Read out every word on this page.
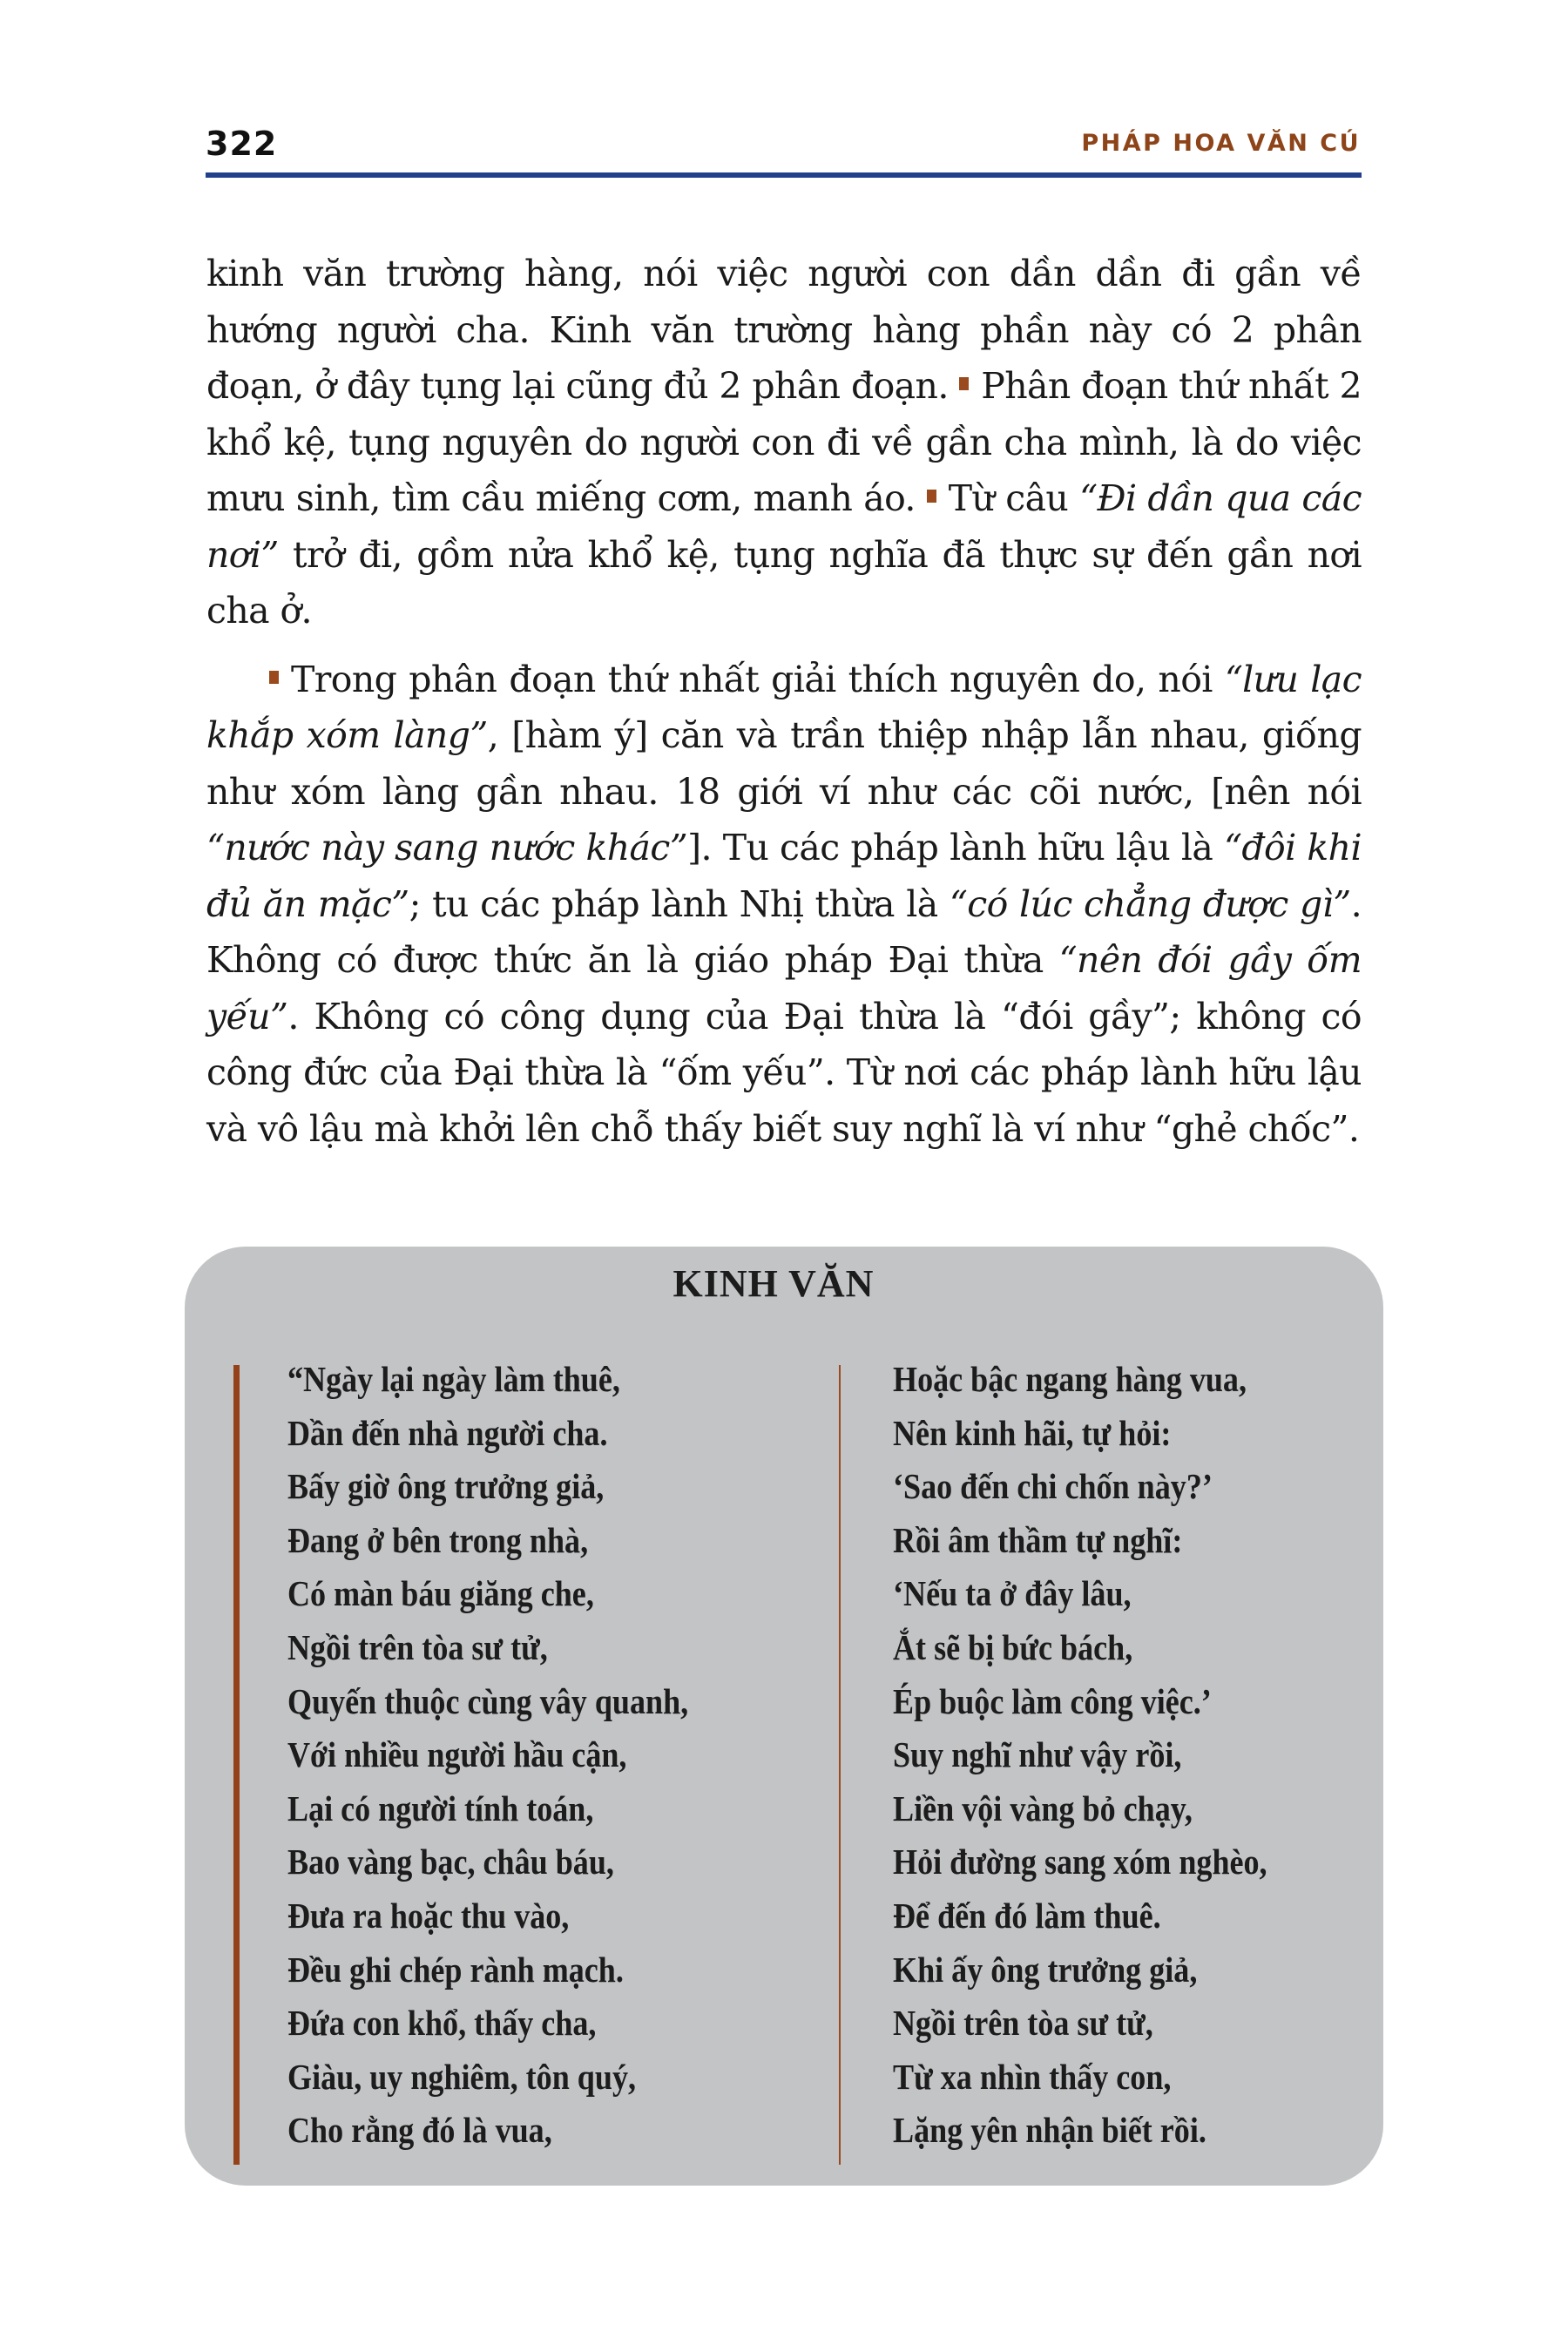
322	PHÁP HOA VĂN CÚ

kinh văn trường hàng, nói việc người con dần dần đi gần về hướng người cha. Kinh văn trường hàng phần này có 2 phân đoạn, ở đây tụng lại cũng đủ 2 phân đoạn. Phân đoạn thứ nhất 2 khổ kệ, tụng nguyên do người con đi về gần cha mình, là do việc mưu sinh, tìm cầu miếng cơm, manh áo. Từ câu “Đi dần qua các nơi” trở đi, gồm nửa khổ kệ, tụng nghĩa đã thực sự đến gần nơi cha ở.

Trong phân đoạn thứ nhất giải thích nguyên do, nói “lưu lạc khắp xóm làng”, [hàm ý] căn và trần thiệp nhập lẫn nhau, giống như xóm làng gần nhau. 18 giới ví như các cõi nước, [nên nói “nước này sang nước khác”]. Tu các pháp lành hữu lậu là “đôi khi đủ ăn mặc”; tu các pháp lành Nhị thừa là “có lúc chẳng được gì”. Không có được thức ăn là giáo pháp Đại thừa “nên đói gầy ốm yếu”. Không có công dụng của Đại thừa là “đói gầy”; không có công đức của Đại thừa là “ốm yếu”. Từ nơi các pháp lành hữu lậu và vô lậu mà khởi lên chỗ thấy biết suy nghĩ là ví như “ghẻ chốc”.

KINH VĂN
“Ngày lại ngày làm thuê,
Dần đến nhà người cha.
Bấy giờ ông trưởng giả,
Đang ở bên trong nhà,
Có màn báu giăng che,
Ngồi trên tòa sư tử,
Quyến thuộc cùng vây quanh,
Với nhiều người hầu cận,
Lại có người tính toán,
Bao vàng bạc, châu báu,
Đưa ra hoặc thu vào,
Đều ghi chép rành mạch.
Đứa con khổ, thấy cha,
Giàu, uy nghiêm, tôn quý,
Cho rằng đó là vua,
Hoặc bậc ngang hàng vua,
Nên kinh hãi, tự hỏi:
‘Sao đến chi chốn này?’
Rồi âm thầm tự nghĩ:
‘Nếu ta ở đây lâu,
Ắt sẽ bị bức bách,
Ép buộc làm công việc.’
Suy nghĩ như vậy rồi,
Liền vội vàng bỏ chạy,
Hỏi đường sang xóm nghèo,
Để đến đó làm thuê.
Khi ấy ông trưởng giả,
Ngồi trên tòa sư tử,
Từ xa nhìn thấy con,
Lặng yên nhận biết rồi.
